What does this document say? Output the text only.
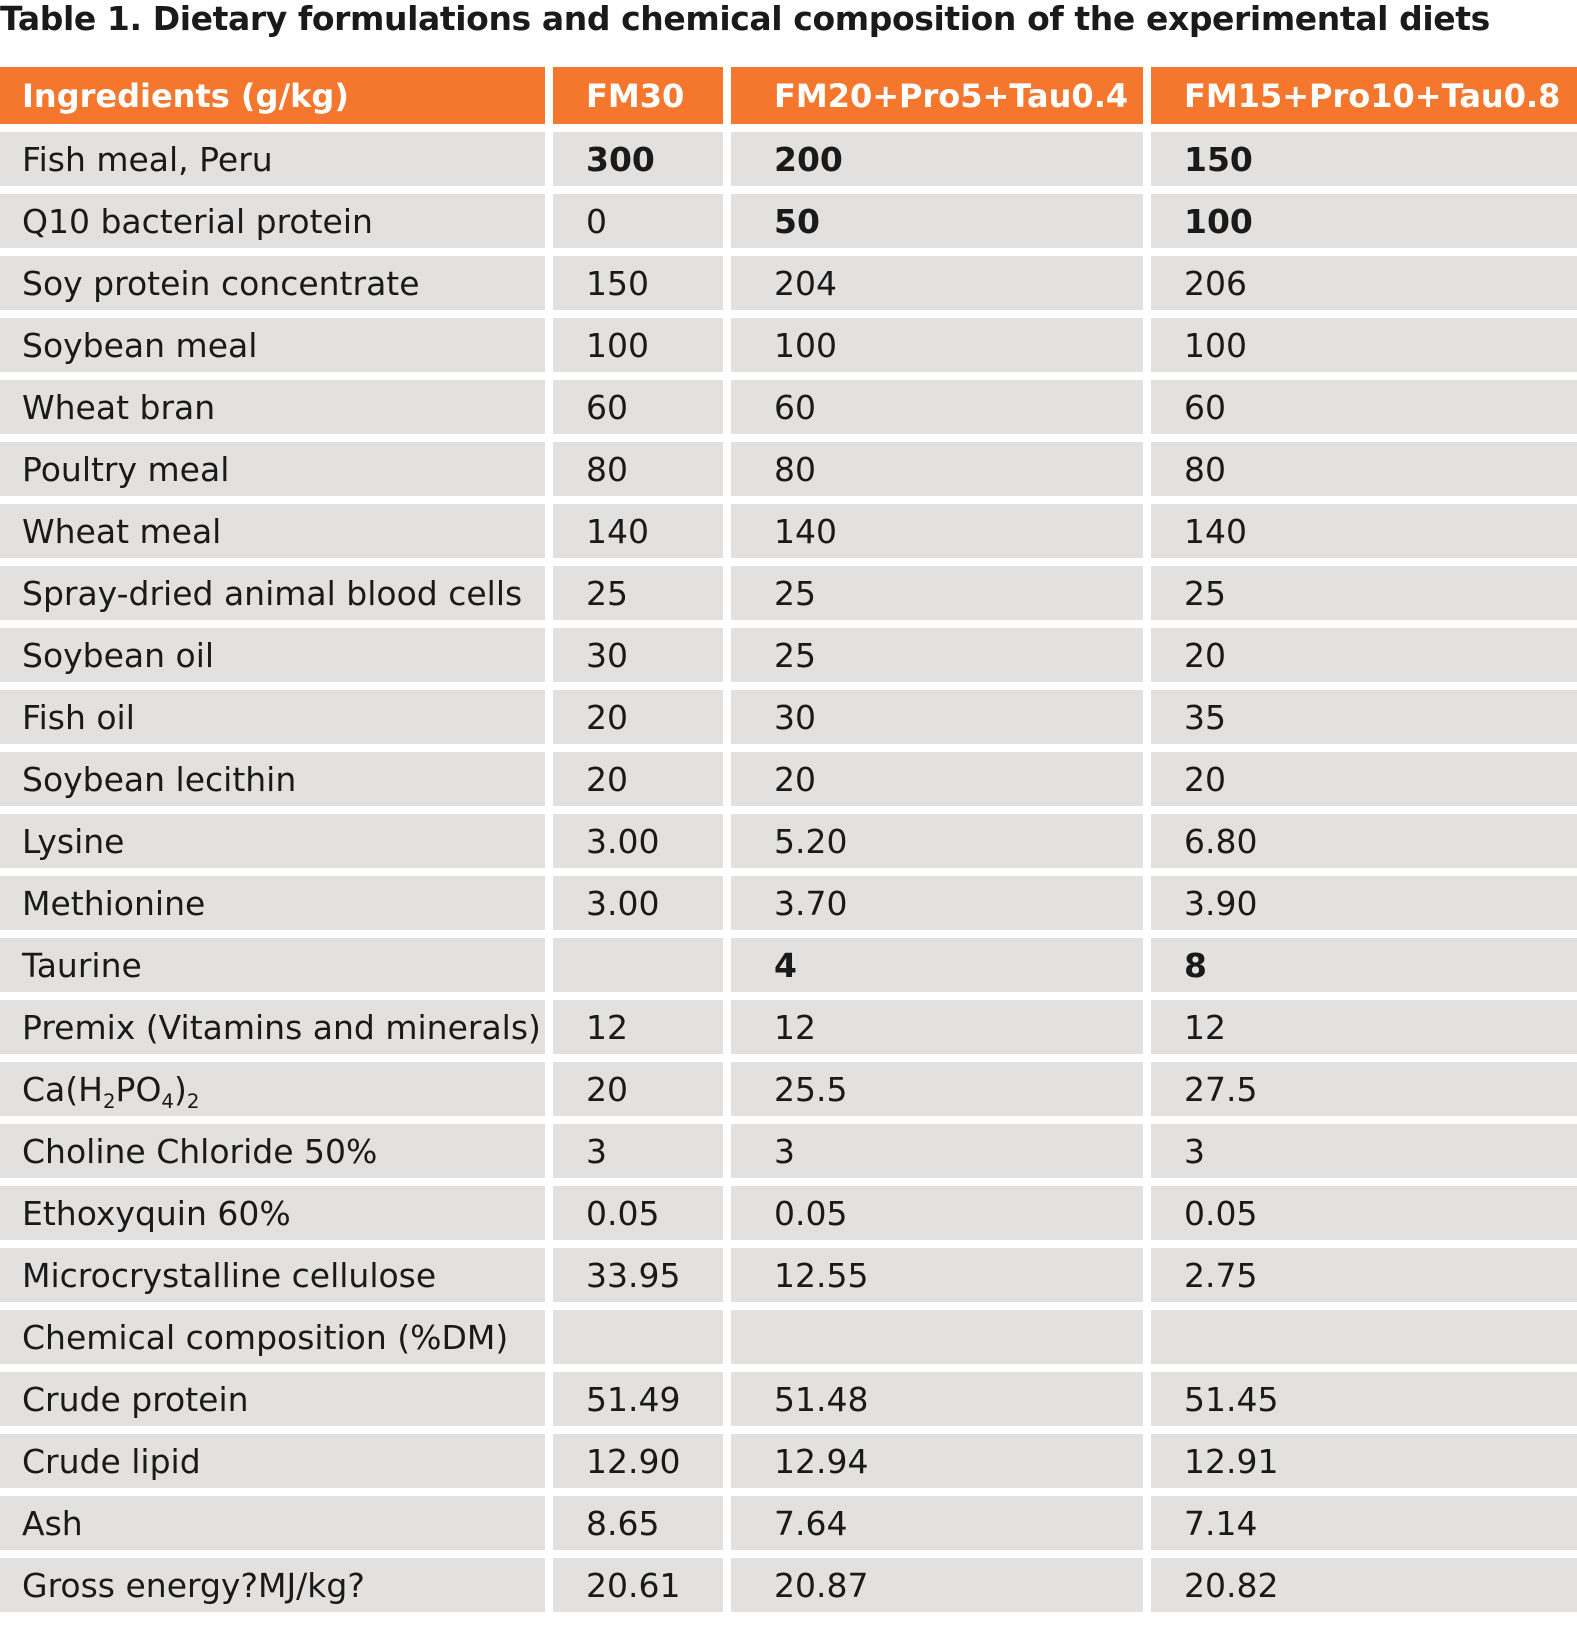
Table 1. Dietary formulations and chemical composition of the experimental diets
Ingredients (g/kg)	FM30	FM20+Pro5+Tau0.4	FM15+Pro10+Tau0.8
Fish meal, Peru	300	200	150
Q10 bacterial protein	0	50	100
Soy protein concentrate	150	204	206
Soybean meal	100	100	100
Wheat bran	60	60	60
Poultry meal	80	80	80
Wheat meal	140	140	140
Spray-dried animal blood cells	25	25	25
Soybean oil	30	25	20
Fish oil	20	30	35
Soybean lecithin	20	20	20
Lysine	3.00	5.20	6.80
Methionine	3.00	3.70	3.90
Taurine		4	8
Premix (Vitamins and minerals)	12	12	12
$Ca(H_2PO_4)_2$	20	25.5	27.5
Choline Chloride 50%	3	3	3
Ethoxyquin 60%	0.05	0.05	0.05
Microcrystalline cellulose	33.95	12.55	2.75
Chemical composition (%DM)			
Crude protein	51.49	51.48	51.45
Crude lipid	12.90	12.94	12.91
Ash	8.65	7.64	7.14
Gross energy?MJ/kg?	20.61	20.87	20.82
